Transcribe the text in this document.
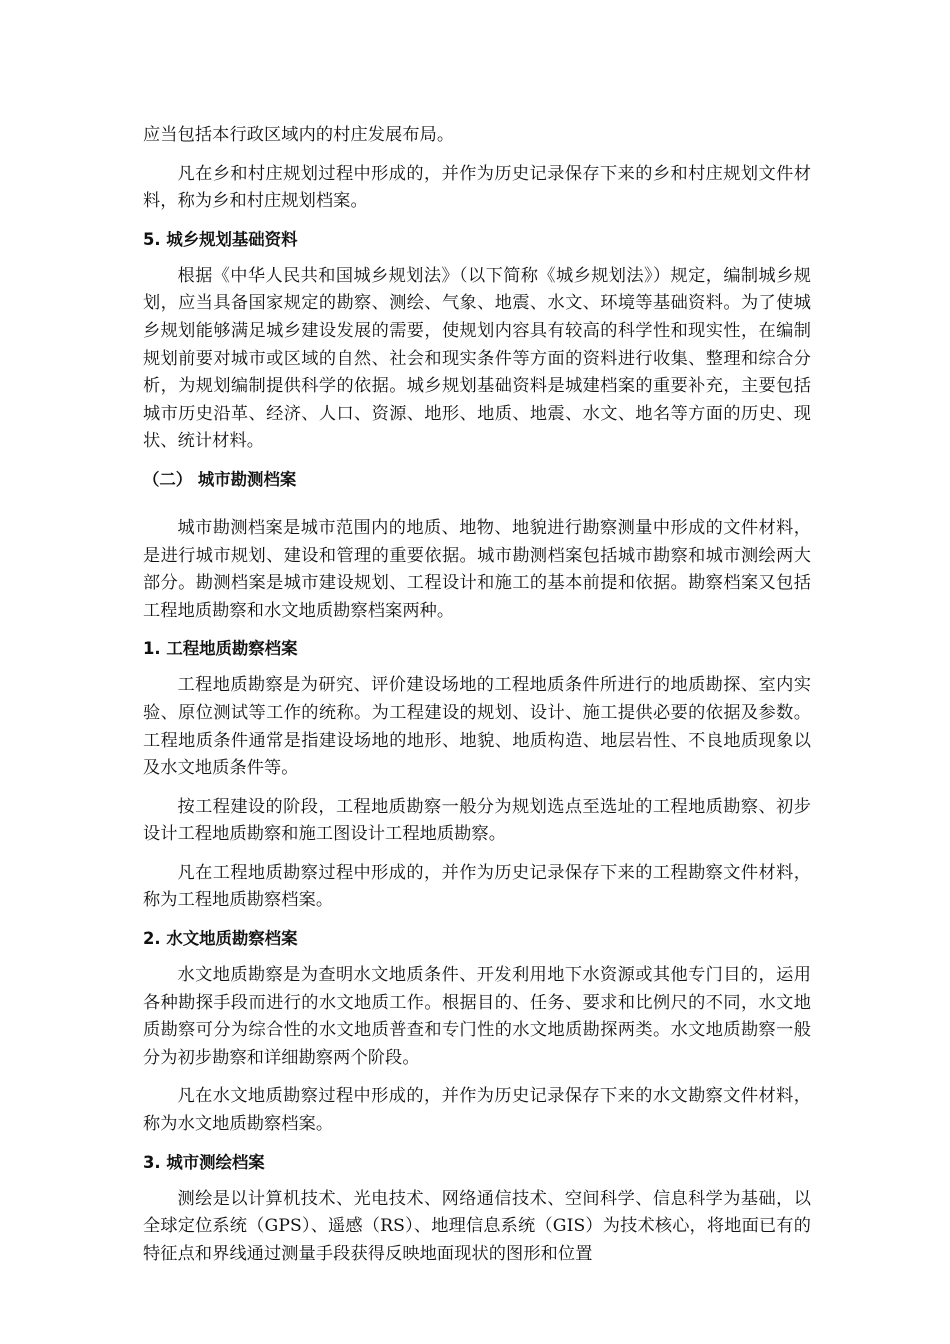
应当包括本行政区域内的村庄发展布局。
凡在乡和村庄规划过程中形成的，并作为历史记录保存下来的乡和村庄规划文件材料，称为乡和村庄规划档案。
5. 城乡规划基础资料
根据《中华人民共和国城乡规划法》（以下简称《城乡规划法》）规定，编制城乡规划，应当具备国家规定的勘察、测绘、气象、地震、水文、环境等基础资料。为了使城乡规划能够满足城乡建设发展的需要，使规划内容具有较高的科学性和现实性，在编制规划前要对城市或区域的自然、社会和现实条件等方面的资料进行收集、整理和综合分析，为规划编制提供科学的依据。城乡规划基础资料是城建档案的重要补充，主要包括城市历史沿革、经济、人口、资源、地形、地质、地震、水文、地名等方面的历史、现状、统计材料。
（二） 城市勘测档案
城市勘测档案是城市范围内的地质、地物、地貌进行勘察测量中形成的文件材料，是进行城市规划、建设和管理的重要依据。城市勘测档案包括城市勘察和城市测绘两大部分。勘测档案是城市建设规划、工程设计和施工的基本前提和依据。勘察档案又包括工程地质勘察和水文地质勘察档案两种。
1. 工程地质勘察档案
工程地质勘察是为研究、评价建设场地的工程地质条件所进行的地质勘探、室内实验、原位测试等工作的统称。为工程建设的规划、设计、施工提供必要的依据及参数。工程地质条件通常是指建设场地的地形、地貌、地质构造、地层岩性、不良地质现象以及水文地质条件等。
按工程建设的阶段，工程地质勘察一般分为规划选点至选址的工程地质勘察、初步设计工程地质勘察和施工图设计工程地质勘察。
凡在工程地质勘察过程中形成的，并作为历史记录保存下来的工程勘察文件材料，称为工程地质勘察档案。
2. 水文地质勘察档案
水文地质勘察是为查明水文地质条件、开发利用地下水资源或其他专门目的，运用各种勘探手段而进行的水文地质工作。根据目的、任务、要求和比例尺的不同，水文地质勘察可分为综合性的水文地质普查和专门性的水文地质勘探两类。水文地质勘察一般分为初步勘察和详细勘察两个阶段。
凡在水文地质勘察过程中形成的，并作为历史记录保存下来的水文勘察文件材料，称为水文地质勘察档案。
3. 城市测绘档案
测绘是以计算机技术、光电技术、网络通信技术、空间科学、信息科学为基础，以全球定位系统（GPS）、遥感（RS）、地理信息系统（GIS）为技术核心，将地面已有的特征点和界线通过测量手段获得反映地面现状的图形和位置
